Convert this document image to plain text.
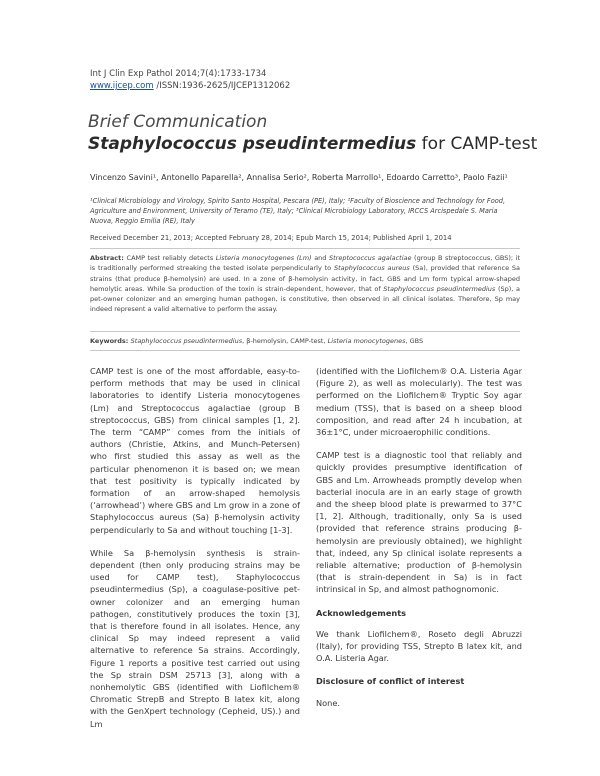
Int J Clin Exp Pathol 2014;7(4):1733-1734
www.ijcep.com /ISSN:1936-2625/IJCEP1312062
Brief Communication
Staphylococcus pseudintermedius for CAMP-test
Vincenzo Savini¹, Antonello Paparella², Annalisa Serio², Roberta Marrollo¹, Edoardo Carretto³, Paolo Fazii¹
¹Clinical Microbiology and Virology, Spirito Santo Hospital, Pescara (PE), Italy; ²Faculty of Bioscience and Technology for Food, Agriculture and Environment, University of Teramo (TE), Italy; ³Clinical Microbiology Laboratory, IRCCS Arcispedale S. Maria Nuova, Reggio Emilia (RE), Italy
Received December 21, 2013; Accepted February 28, 2014; Epub March 15, 2014; Published April 1, 2014
Abstract: CAMP test reliably detects Listeria monocytogenes (Lm) and Streptococcus agalactiae (group B streptococcus, GBS); it is traditionally performed streaking the tested isolate perpendicularly to Staphylococcus aureus (Sa), provided that reference Sa strains (that produce β-hemolysin) are used. In a zone of β-hemolysin activity, in fact, GBS and Lm form typical arrow-shaped hemolytic areas. While Sa production of the toxin is strain-dependent, however, that of Staphylococcus pseudintermedius (Sp), a pet-owner colonizer and an emerging human pathogen, is constitutive, then observed in all clinical isolates. Therefore, Sp may indeed represent a valid alternative to perform the assay.
Keywords: Staphylococcus pseudintermedius, β-hemolysin, CAMP-test, Listeria monocytogenes, GBS

CAMP test is one of the most affordable, easy-to-perform methods that may be used in clinical laboratories to identify Listeria monocytogenes (Lm) and Streptococcus agalactiae (group B streptococcus, GBS) from clinical samples [1, 2]. The term “CAMP” comes from the initials of authors (Christie, Atkins, and Munch-Petersen) who first studied this assay as well as the particular phenomenon it is based on; we mean that test positivity is typically indicated by formation of an arrow-shaped hemolysis (‘arrowhead’) where GBS and Lm grow in a zone of Staphylococcus aureus (Sa) β-hemolysin activity perpendicularly to Sa and without touching [1-3].

While Sa β-hemolysin synthesis is strain-dependent (then only producing strains may be used for CAMP test), Staphylococcus pseudintermedius (Sp), a coagulase-positive pet-owner colonizer and an emerging human pathogen, constitutively produces the toxin [3], that is therefore found in all isolates. Hence, any clinical Sp may indeed represent a valid alternative to reference Sa strains. Accordingly, Figure 1 reports a positive test carried out using the Sp strain DSM 25713 [3], along with a nonhemolytic GBS (identified with Liofilchem® Chromatic StrepB and Strepto B latex kit, along with the GenXpert technology (Cepheid, US).) and Lm

(identified with the Liofilchem® O.A. Listeria Agar (Figure 2), as well as molecularly). The test was performed on the Liofilchem® Tryptic Soy agar medium (TSS), that is based on a sheep blood composition, and read after 24 h incubation, at 36±1°C, under microaerophilic conditions.

CAMP test is a diagnostic tool that reliably and quickly provides presumptive identification of GBS and Lm. Arrowheads promptly develop when bacterial inocula are in an early stage of growth and the sheep blood plate is prewarmed to 37°C [1, 2]. Although, traditionally, only Sa is used (provided that reference strains producing β-hemolysin are previously obtained), we highlight that, indeed, any Sp clinical isolate represents a reliable alternative; production of β-hemolysin (that is strain-dependent in Sa) is in fact intrinsical in Sp, and almost pathognomonic.

Acknowledgements

We thank Liofilchem®, Roseto degli Abruzzi (Italy), for providing TSS, Strepto B latex kit, and O.A. Listeria Agar.

Disclosure of conflict of interest

None.
